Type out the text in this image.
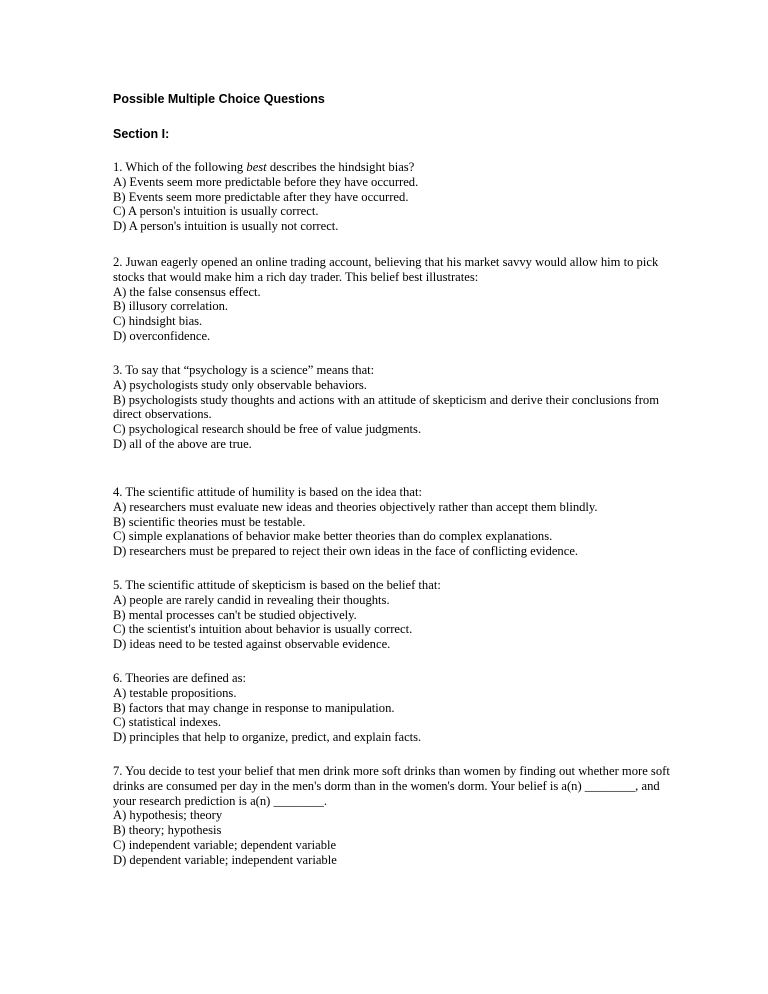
Possible Multiple Choice Questions
Section I:

1. Which of the following best describes the hindsight bias?

A) Events seem more predictable before they have occurred.
B) Events seem more predictable after they have occurred.
C) A person's intuition is usually correct.
D) A person's intuition is usually not correct.

2. Juwan eagerly opened an online trading account, believing that his market savvy would allow him to pick stocks that would make him a rich day trader. This belief best illustrates:

A) the false consensus effect.
B) illusory correlation.
C) hindsight bias.
D) overconfidence.

3. To say that “psychology is a science” means that:

A) psychologists study only observable behaviors.
B) psychologists study thoughts and actions with an attitude of skepticism and derive their conclusions from direct observations.
C) psychological research should be free of value judgments.
D) all of the above are true.

4. The scientific attitude of humility is based on the idea that:

A) researchers must evaluate new ideas and theories objectively rather than accept them blindly.
B) scientific theories must be testable.
C) simple explanations of behavior make better theories than do complex explanations.
D) researchers must be prepared to reject their own ideas in the face of conflicting evidence.

5. The scientific attitude of skepticism is based on the belief that:

A) people are rarely candid in revealing their thoughts.
B) mental processes can't be studied objectively.
C) the scientist's intuition about behavior is usually correct.
D) ideas need to be tested against observable evidence.

6. Theories are defined as:

A) testable propositions.
B) factors that may change in response to manipulation.
C) statistical indexes.
D) principles that help to organize, predict, and explain facts.

7. You decide to test your belief that men drink more soft drinks than women by finding out whether more soft drinks are consumed per day in the men's dorm than in the women's dorm. Your belief is a(n) ________, and your research prediction is a(n) ________.

A) hypothesis; theory
B) theory; hypothesis
C) independent variable; dependent variable
D) dependent variable; independent variable
